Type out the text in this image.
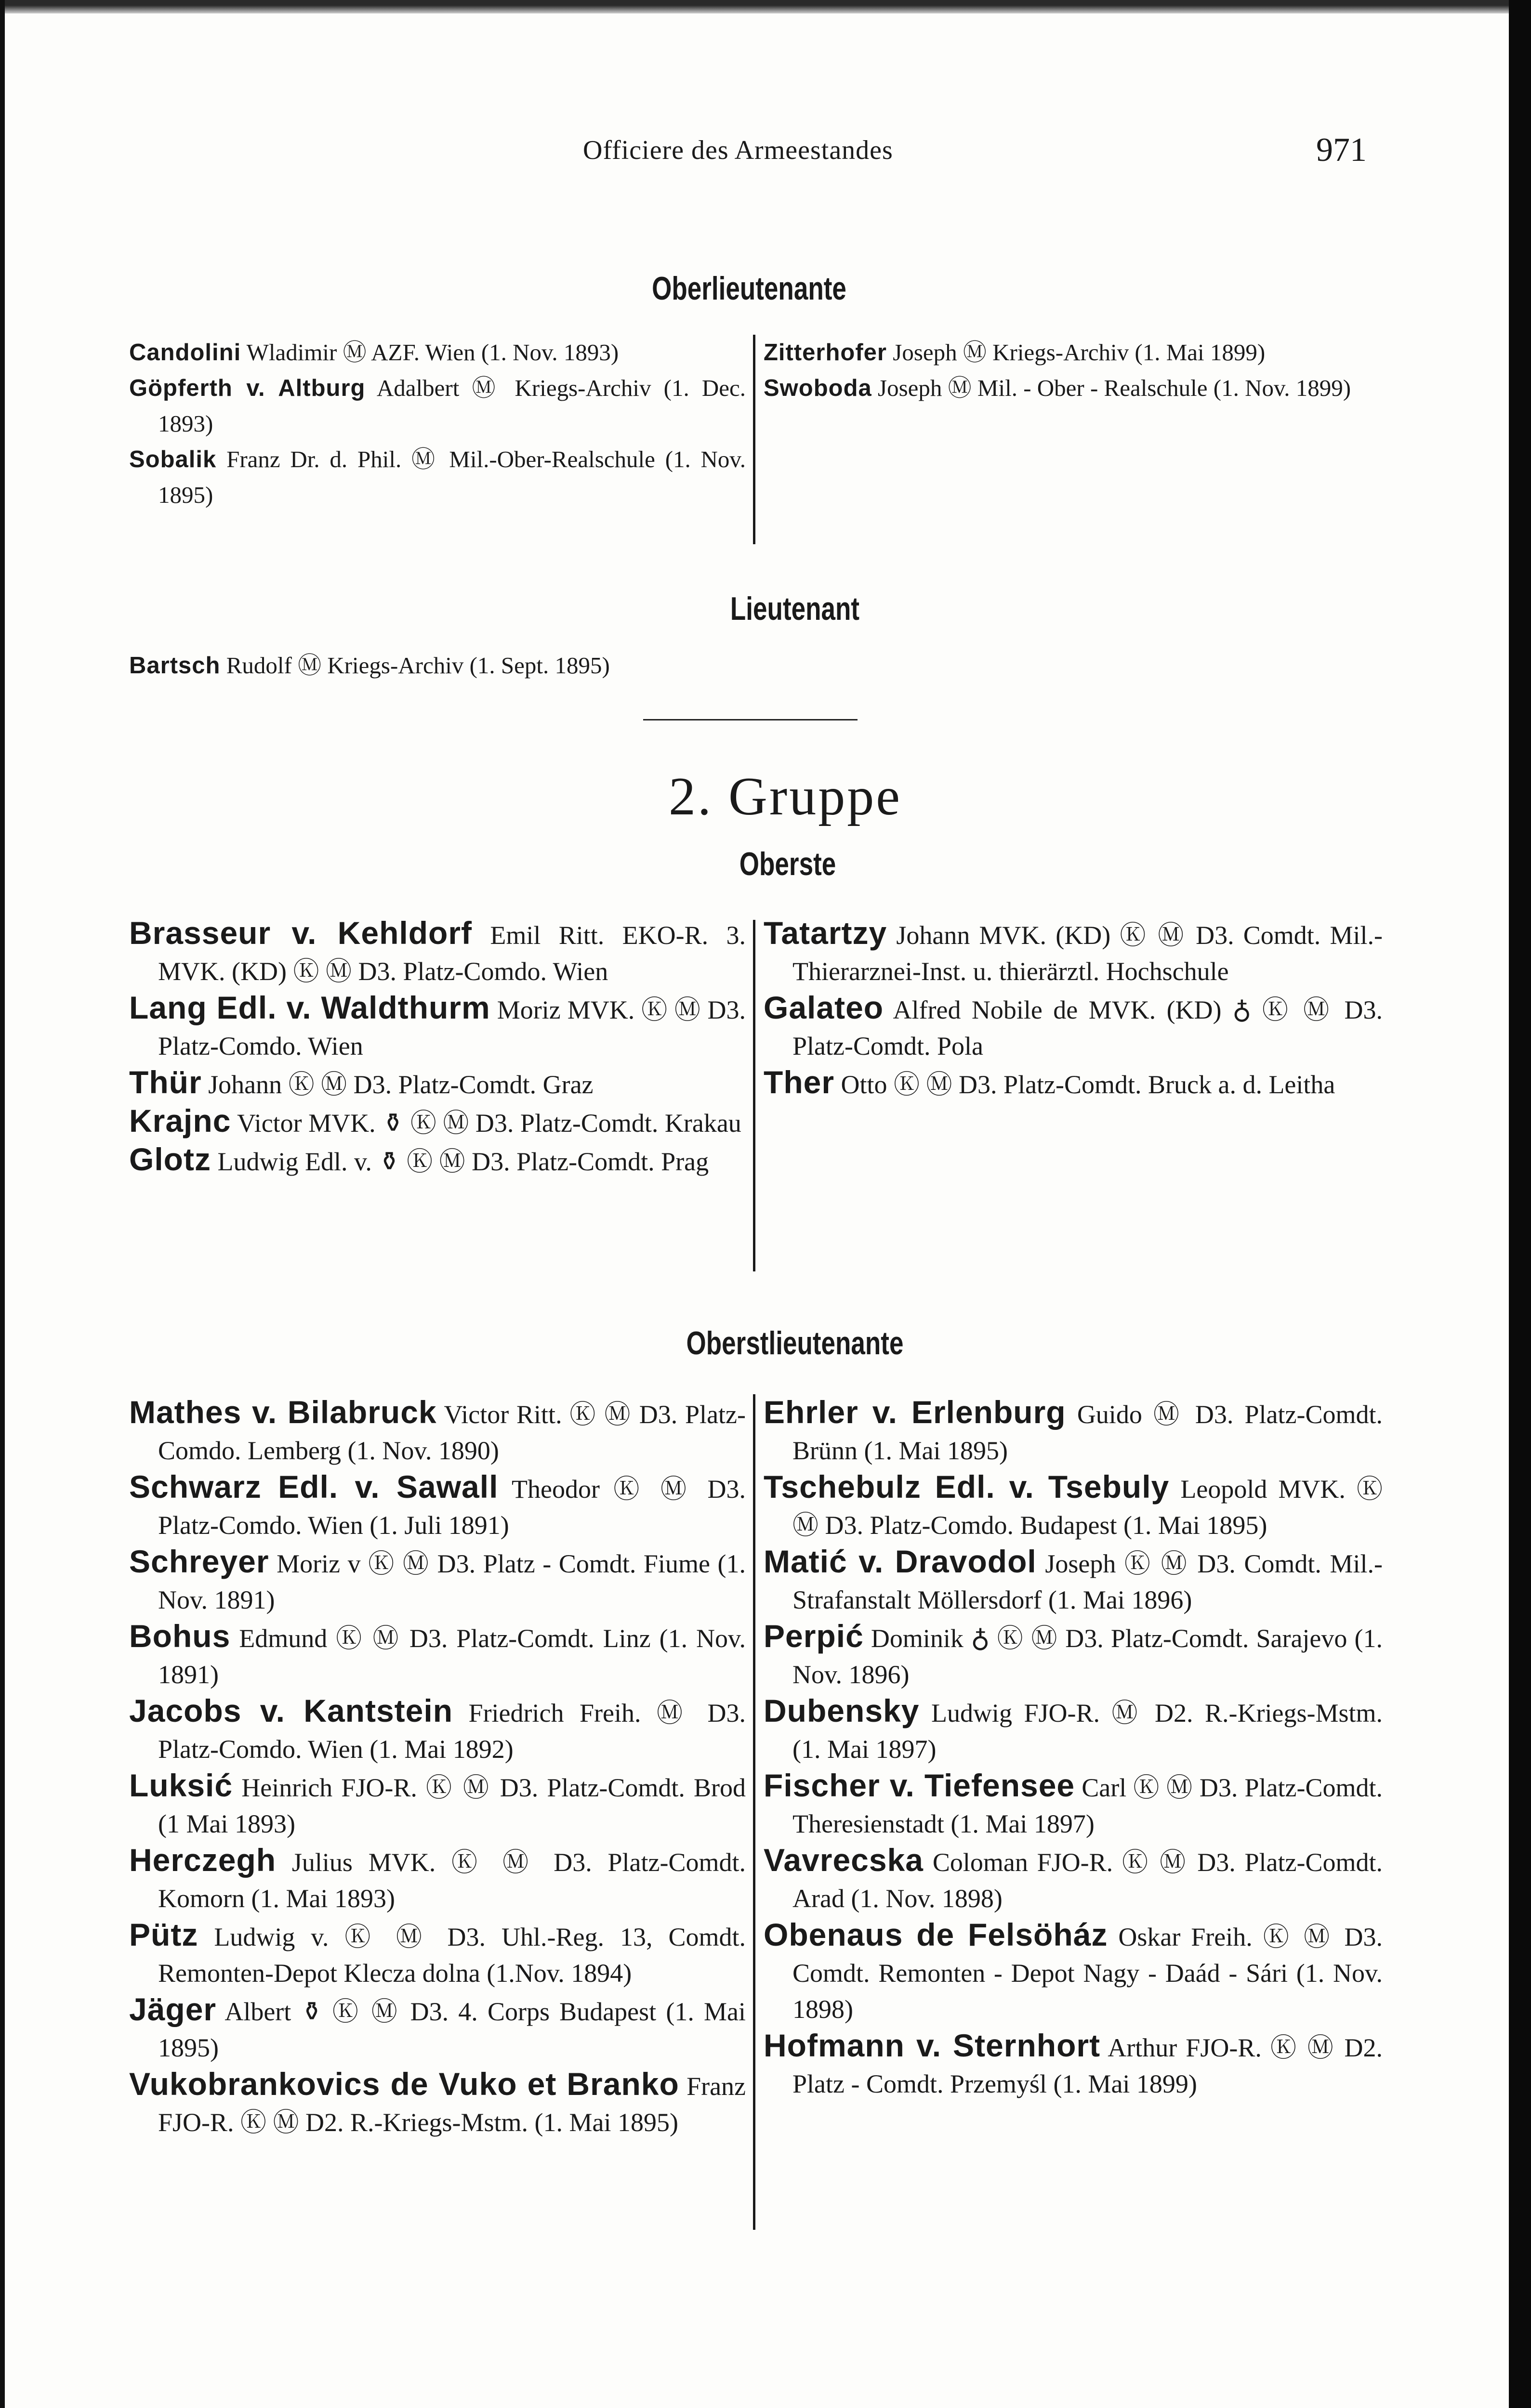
Officiere des Armeestandes	971
Oberlieutenante

Candolini Wladimir Ⓜ AZF. Wien (1. Nov. 1893)

Göpferth v. Altburg Adalbert Ⓜ Kriegs-Archiv (1. Dec. 1893)

Sobalik Franz Dr. d. Phil. Ⓜ Mil.-Ober-Realschule (1. Nov. 1895)

Zitterhofer Joseph Ⓜ Kriegs-Archiv (1. Mai 1899)

Swoboda Joseph Ⓜ Mil. - Ober - Realschule (1. Nov. 1899)

Lieutenant

Bartsch Rudolf Ⓜ Kriegs-Archiv (1. Sept. 1895)

2. Gruppe
Oberste

Brasseur v. Kehldorf Emil Ritt. EKO-R. 3. MVK. (KD) Ⓚ Ⓜ D3. Platz-Comdo. Wien

Lang Edl. v. Waldthurm Moriz MVK. Ⓚ Ⓜ D3. Platz-Comdo. Wien

Thür Johann Ⓚ Ⓜ D3. Platz-Comdt. Graz

Krajnc Victor MVK. ⚱ Ⓚ Ⓜ D3. Platz-Comdt. Krakau

Glotz Ludwig Edl. v. ⚱ Ⓚ Ⓜ D3. Platz-Comdt. Prag

Tatartzy Johann MVK. (KD) Ⓚ Ⓜ D3. Comdt. Mil.-Thierarznei-Inst. u. thierärztl. Hochschule

Galateo Alfred Nobile de MVK. (KD) ♁ Ⓚ Ⓜ D3. Platz-Comdt. Pola

Ther Otto Ⓚ Ⓜ D3. Platz-Comdt. Bruck a. d. Leitha

Oberstlieutenante

Mathes v. Bilabruck Victor Ritt. Ⓚ Ⓜ D3. Platz-Comdo. Lemberg (1. Nov. 1890)

Schwarz Edl. v. Sawall Theodor Ⓚ Ⓜ D3. Platz-Comdo. Wien (1. Juli 1891)

Schreyer Moriz v Ⓚ Ⓜ D3. Platz - Comdt. Fiume (1. Nov. 1891)

Bohus Edmund Ⓚ Ⓜ D3. Platz-Comdt. Linz (1. Nov. 1891)

Jacobs v. Kantstein Friedrich Freih. Ⓜ D3. Platz-Comdo. Wien (1. Mai 1892)

Luksić Heinrich FJO-R. Ⓚ Ⓜ D3. Platz-Comdt. Brod (1 Mai 1893)

Herczegh Julius MVK. Ⓚ Ⓜ D3. Platz-Comdt. Komorn (1. Mai 1893)

Pütz Ludwig v. Ⓚ Ⓜ D3. Uhl.-Reg. 13, Comdt. Remonten-Depot Klecza dolna (1.Nov. 1894)

Jäger Albert ⚱ Ⓚ Ⓜ D3. 4. Corps Budapest (1. Mai 1895)

Vukobrankovics de Vuko et Branko Franz FJO-R. Ⓚ Ⓜ D2. R.-Kriegs-Mstm. (1. Mai 1895)

Ehrler v. Erlenburg Guido Ⓜ D3. Platz-Comdt. Brünn (1. Mai 1895)

Tschebulz Edl. v. Tsebuly Leopold MVK. Ⓚ Ⓜ D3. Platz-Comdo. Budapest (1. Mai 1895)

Matić v. Dravodol Joseph Ⓚ Ⓜ D3. Comdt. Mil.-Strafanstalt Möllersdorf (1. Mai 1896)

Perpić Dominik ♁ Ⓚ Ⓜ D3. Platz-Comdt. Sarajevo (1. Nov. 1896)

Dubensky Ludwig FJO-R. Ⓜ D2. R.-Kriegs-Mstm. (1. Mai 1897)

Fischer v. Tiefensee Carl Ⓚ Ⓜ D3. Platz-Comdt. Theresienstadt (1. Mai 1897)

Vavrecska Coloman FJO-R. Ⓚ Ⓜ D3. Platz-Comdt. Arad (1. Nov. 1898)

Obenaus de Felsöház Oskar Freih. Ⓚ Ⓜ D3. Comdt. Remonten - Depot Nagy - Daád - Sári (1. Nov. 1898)

Hofmann v. Sternhort Arthur FJO-R. Ⓚ Ⓜ D2. Platz - Comdt. Przemyśl (1. Mai 1899)
